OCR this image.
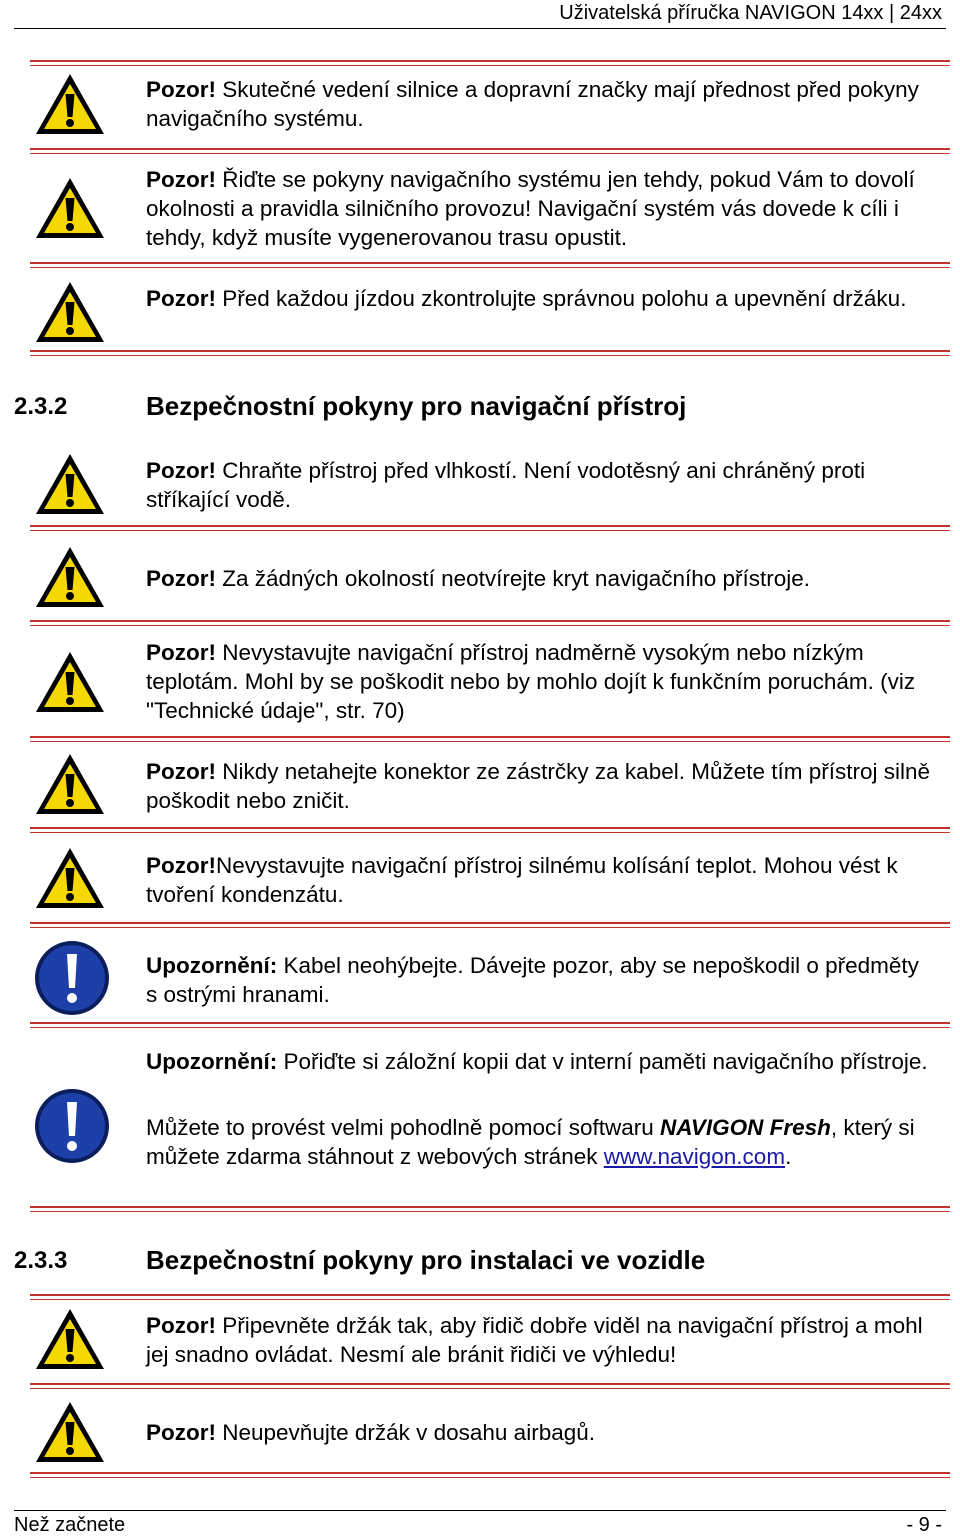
Uživatelská příručka NAVIGON 14xx | 24xx
Pozor! Skutečné vedení silnice a dopravní značky mají přednost před pokyny navigačního systému.
Pozor! Řiďte se pokyny navigačního systému jen tehdy, pokud Vám to dovolí okolnosti a pravidla silničního provozu! Navigační systém vás dovede k cíli i tehdy, když musíte vygenerovanou trasu opustit.
Pozor! Před každou jízdou zkontrolujte správnou polohu a upevnění držáku.
2.3.2	Bezpečnostní pokyny pro navigační přístroj
Pozor! Chraňte přístroj před vlhkostí. Není vodotěsný ani chráněný proti stříkající vodě.
Pozor! Za žádných okolností neotvírejte kryt navigačního přístroje.
Pozor! Nevystavujte navigační přístroj nadměrně vysokým nebo nízkým teplotám. Mohl by se poškodit nebo by mohlo dojít k funkčním poruchám. (viz "Technické údaje", str. 70)
Pozor! Nikdy netahejte konektor ze zástrčky za kabel. Můžete tím přístroj silně poškodit nebo zničit.
Pozor!Nevystavujte navigační přístroj silnému kolísání teplot. Mohou vést k tvoření kondenzátu.
Upozornění: Kabel neohýbejte. Dávejte pozor, aby se nepoškodil o předměty s ostrými hranami.
Upozornění: Pořiďte si záložní kopii dat v interní paměti navigačního přístroje.
Můžete to provést velmi pohodlně pomocí softwaru NAVIGON Fresh, který si můžete zdarma stáhnout z webových stránek www.navigon.com.
2.3.3	Bezpečnostní pokyny pro instalaci ve vozidle
Pozor! Připevněte držák tak, aby řidič dobře viděl na navigační přístroj a mohl jej snadno ovládat. Nesmí ale bránit řidiči ve výhledu!
Pozor! Neupevňujte držák v dosahu airbagů.
Než začnete	- 9 -
